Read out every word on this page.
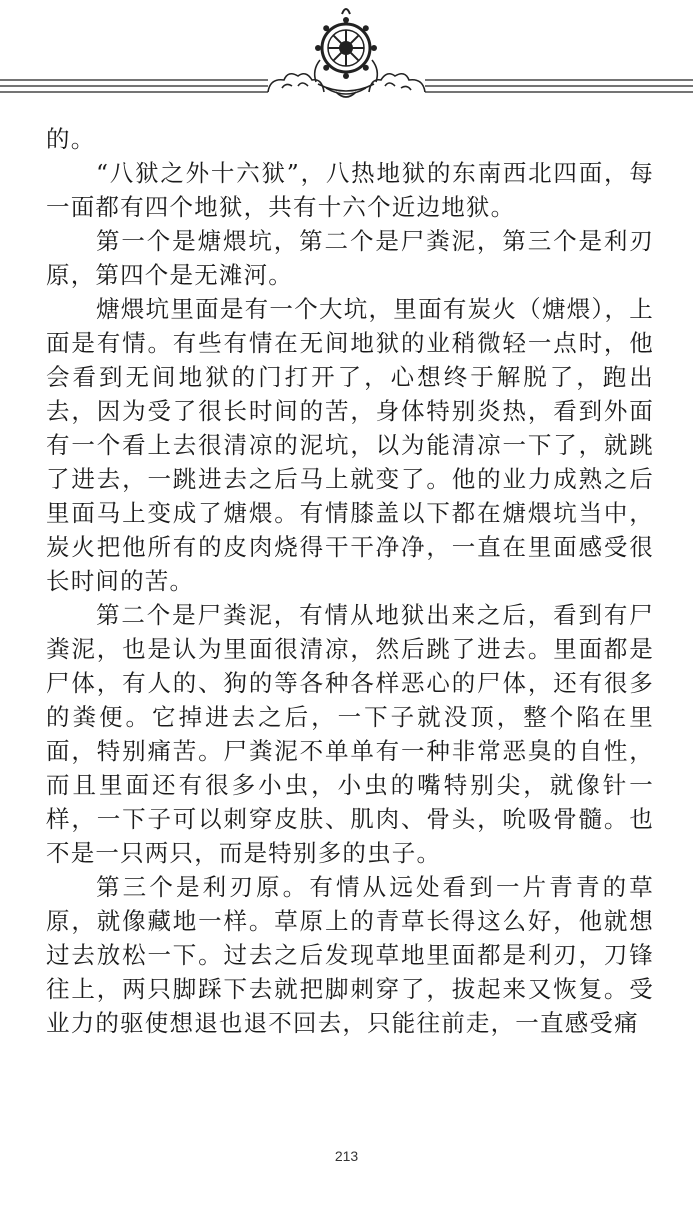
的。

“八狱之外十六狱”，八热地狱的东南西北四面，每一面都有四个地狱，共有十六个近边地狱。

第一个是煻煨坑，第二个是尸粪泥，第三个是利刃原，第四个是无滩河。

煻煨坑里面是有一个大坑，里面有炭火（煻煨），上面是有情。有些有情在无间地狱的业稍微轻一点时，他会看到无间地狱的门打开了，心想终于解脱了，跑出去，因为受了很长时间的苦，身体特别炎热，看到外面有一个看上去很清凉的泥坑，以为能清凉一下了，就跳了进去，一跳进去之后马上就变了。他的业力成熟之后里面马上变成了煻煨。有情膝盖以下都在煻煨坑当中，炭火把他所有的皮肉烧得干干净净，一直在里面感受很长时间的苦。

第二个是尸粪泥，有情从地狱出来之后，看到有尸粪泥，也是认为里面很清凉，然后跳了进去。里面都是尸体，有人的、狗的等各种各样恶心的尸体，还有很多的粪便。它掉进去之后，一下子就没顶，整个陷在里面，特别痛苦。尸粪泥不单单有一种非常恶臭的自性，而且里面还有很多小虫，小虫的嘴特别尖，就像针一样，一下子可以刺穿皮肤、肌肉、骨头，吮吸骨髓。也不是一只两只，而是特别多的虫子。

第三个是利刃原。有情从远处看到一片青青的草原，就像藏地一样。草原上的青草长得这么好，他就想过去放松一下。过去之后发现草地里面都是利刃，刀锋往上，两只脚踩下去就把脚刺穿了，拔起来又恢复。受业力的驱使想退也退不回去，只能往前走，一直感受痛

213
